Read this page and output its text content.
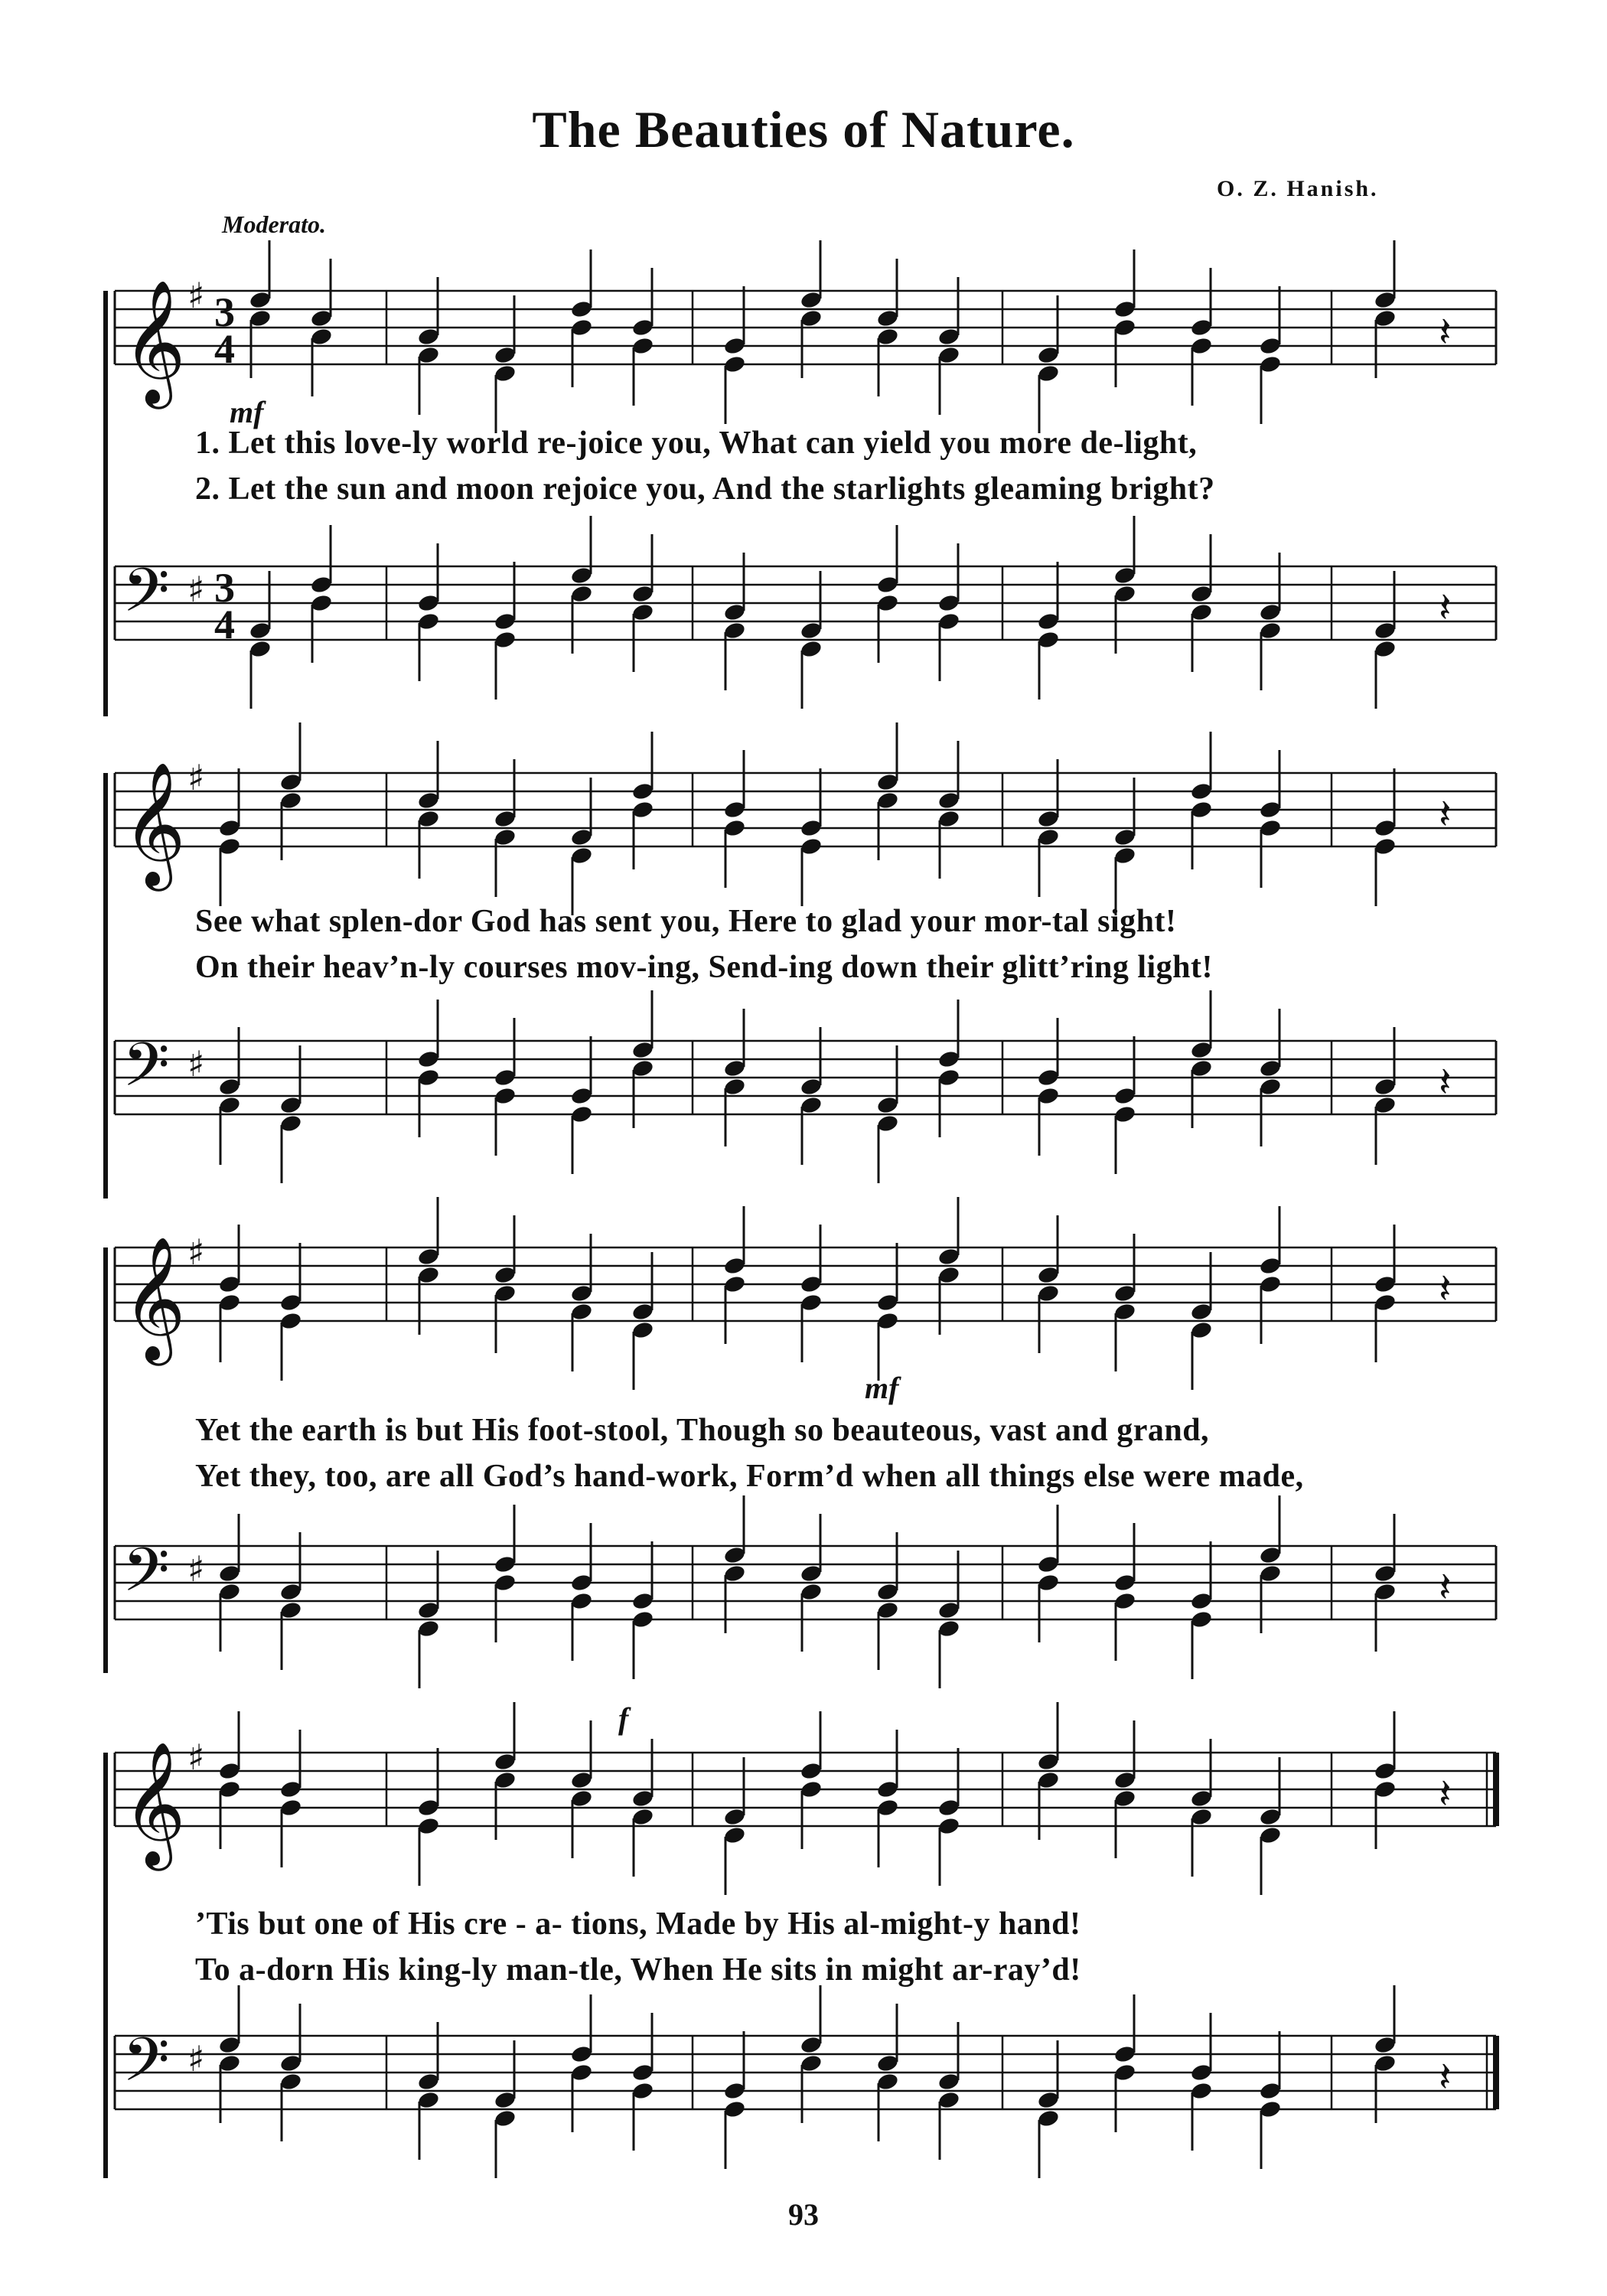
The Beauties of Nature.
O. Z. Hanish.
Moderato.
𝄞 ♯ 3
4	𝄽
mf
1. Let this love-ly world re-joice you, What can yield you more de-light,
2. Let the sun and moon rejoice you, And the starlights gleaming bright?
𝄢 ♯ 3
4	𝄽
𝄞 ♯
𝄽
See what splen-dor God has sent you, Here to glad your mor-tal sight!
On their heav’n-ly courses mov-ing, Send-ing down their glitt’ring light!
𝄢 ♯	𝄽
𝄞 ♯
𝄽
mf
Yet the earth is but His foot-stool, Though so beauteous, vast and grand,
Yet they, too, are all God’s hand-work, Form’d when all things else were made,
𝄢 ♯	𝄽
𝄞 ♯
𝄽
f
’Tis but one of His cre - a- tions, Made by His al-might-y hand!
To a-dorn His king-ly man-tle, When He sits in might ar-ray’d!
𝄢 ♯	𝄽
93
